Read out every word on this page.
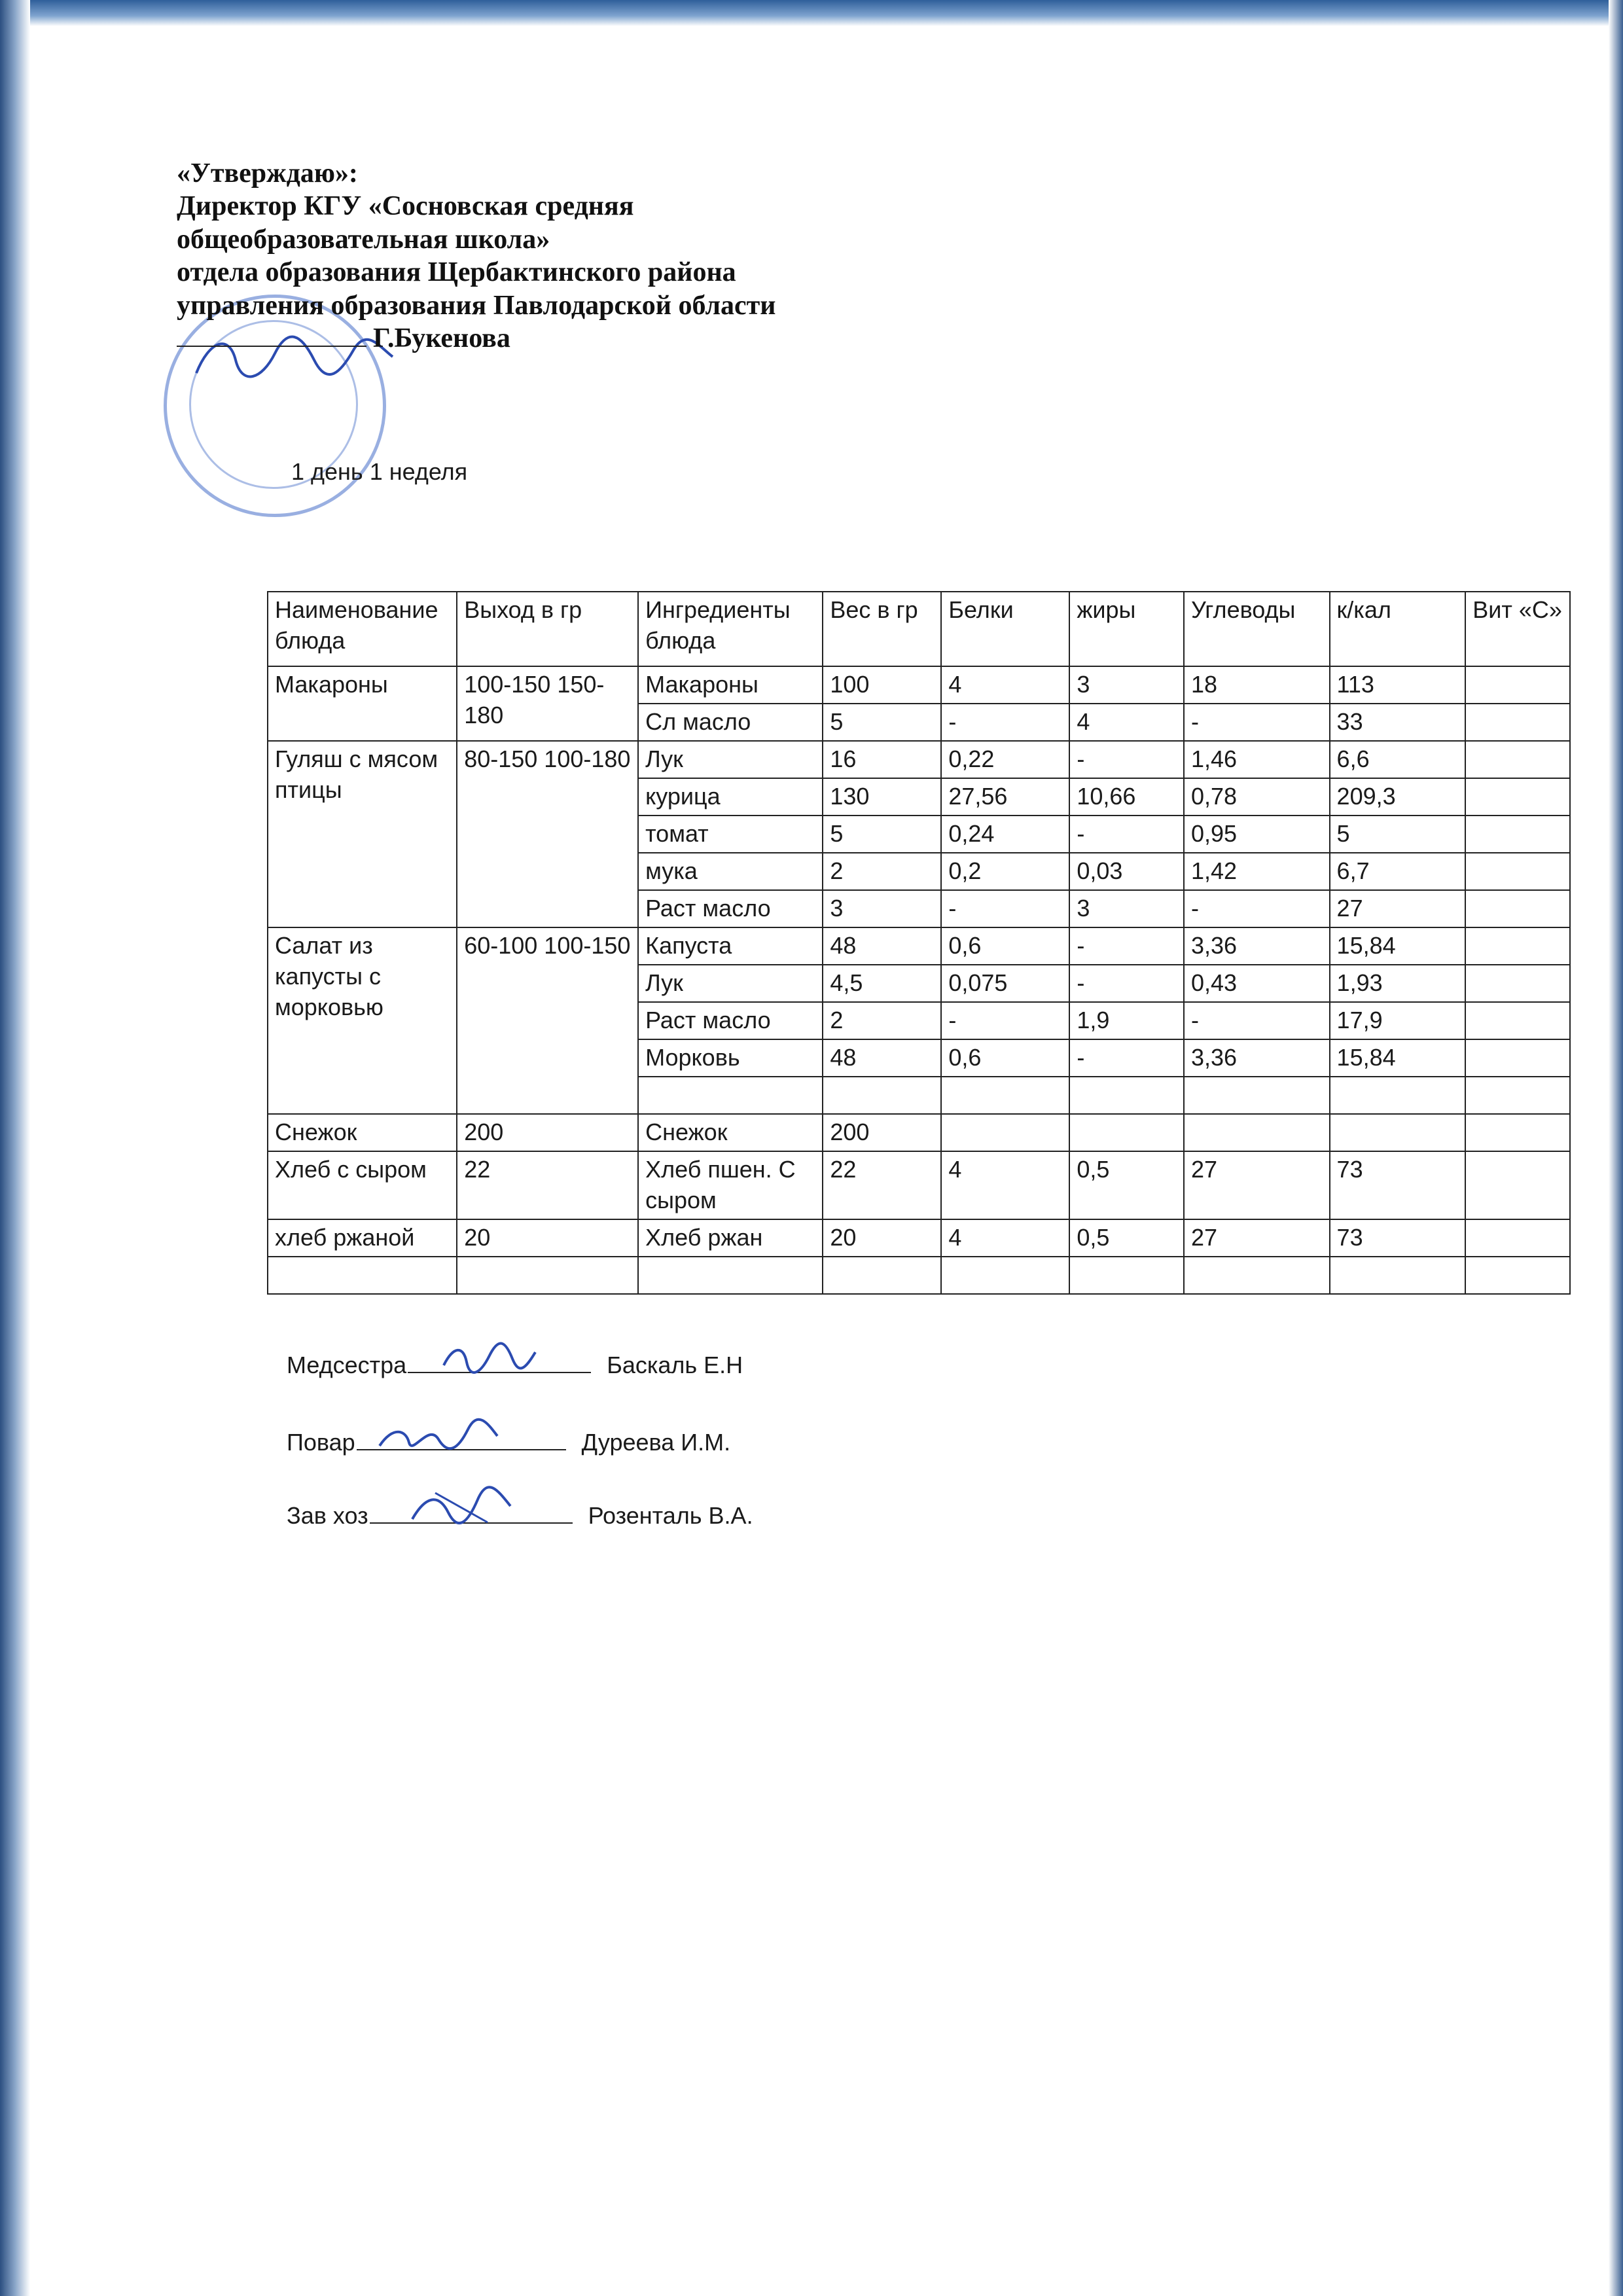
«Утверждаю»:
Директор КГУ «Сосновская средняя
общеобразовательная школа»
отдела образования Щербактинского района
управления образования Павлодарской области
Г.Букенова
1 день 1 неделя
Наименование блюда	Выход в гр	Ингредиенты блюда	Вес в гр	Белки	жиры	Углеводы	к/кал	Вит «С»
Макароны	100-150 150-180	Макароны	100	4	3	18	113	
		Сл масло	5	-	4	-	33	
Гуляш с мясом птицы	80-150 100-180	Лук	16	0,22	-	1,46	6,6	
		курица	130	27,56	10,66	0,78	209,3	
		томат	5	0,24	-	0,95	5	
		мука	2	0,2	0,03	1,42	6,7	
		Раст масло	3	-	3	-	27	
Салат из капусты с морковью	60-100 100-150	Капуста	48	0,6	-	3,36	15,84	
		Лук	4,5	0,075	-	0,43	1,93	
		Раст масло	2	-	1,9	-	17,9	
		Морковь	48	0,6	-	3,36	15,84	

Снежок	200	Снежок	200					
Хлеб с сыром	22	Хлеб пшен. С сыром	22	4	0,5	27	73	
хлеб ржаной	20	Хлеб ржан	20	4	0,5	27	73	

Медсестра	Баскаль Е.Н
Повар	Дуреева И.М.
Зав хоз	Розенталь В.А.
